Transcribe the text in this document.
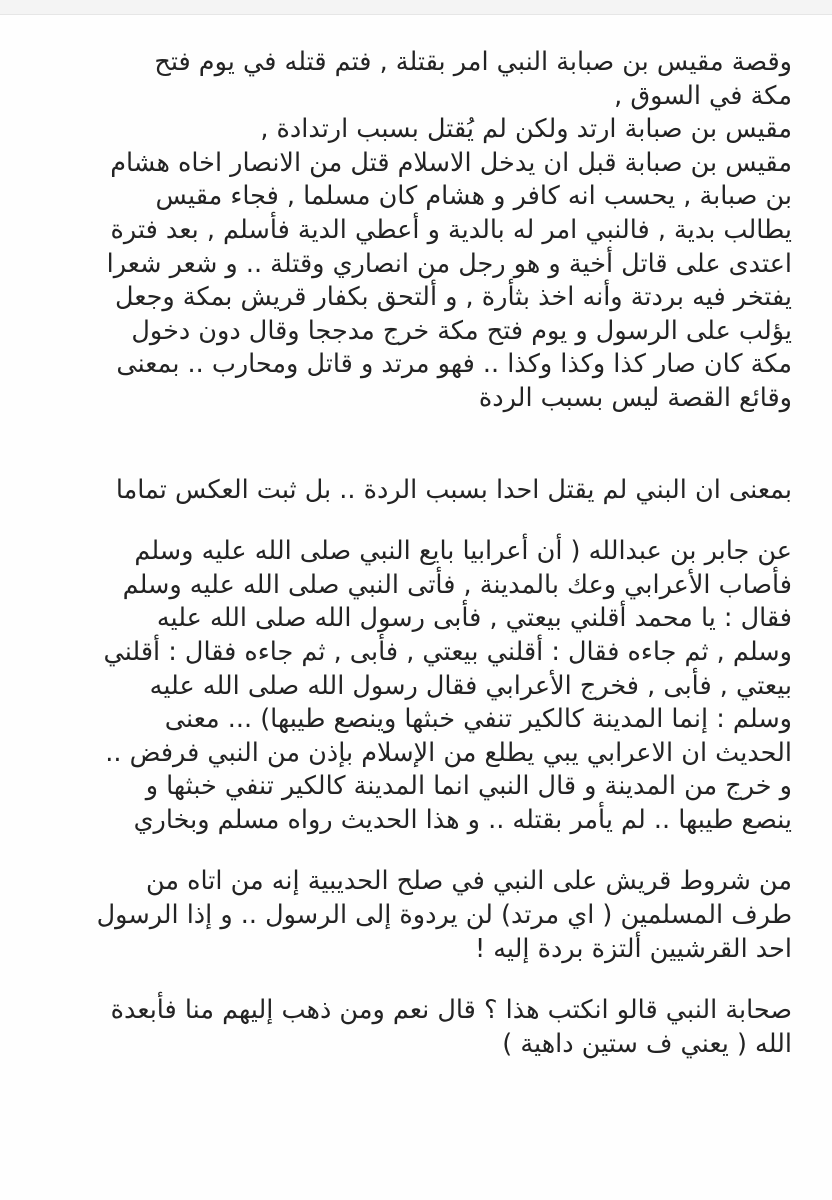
وقصة مقيس بن صبابة النبي امر بقتلة , فتم قتله في يوم فتح
مكة في السوق ,
مقيس بن صبابة ارتد ولكن لم يُقتل بسبب ارتدادة ,
مقيس بن صبابة قبل ان يدخل الاسلام قتل من الانصار اخاه هشام
بن صبابة , يحسب انه كافر و هشام كان مسلما , فجاء مقيس
يطالب بدية , فالنبي امر له بالدية و أعطي الدية فأسلم , بعد فترة
اعتدى على قاتل أخية و هو رجل من انصاري وقتلة .. و شعر شعرا
يفتخر فيه بردتة وأنه اخذ بثأرة , و ألتحق بكفار قريش بمكة وجعل
يؤلب على الرسول و يوم فتح مكة خرج مدججا وقال دون دخول
مكة كان صار كذا وكذا وكذا .. فهو مرتد و قاتل ومحارب .. بمعنى
وقائع القصة ليس بسبب الردة
بمعنى ان البني لم يقتل احدا بسبب الردة .. بل ثبت العكس تماما
عن جابر بن عبدالله ( أن أعرابيا بايع النبي صلى الله عليه وسلم
فأصاب الأعرابي وعك بالمدينة , فأتى النبي صلى الله عليه وسلم
فقال : يا محمد أقلني بيعتي , فأبى رسول الله صلى الله عليه
وسلم , ثم جاءه فقال : أقلني بيعتي , فأبى , ثم جاءه فقال : أقلني
بيعتي , فأبى , فخرج الأعرابي فقال رسول الله صلى الله عليه
وسلم : إنما المدينة كالكير تنفي خبثها وينصع طيبها) ... معنى
الحديث ان الاعرابي يبي يطلع من الإسلام بإذن من النبي فرفض ..
و خرج من المدينة و قال النبي انما المدينة كالكير تنفي خبثها و
ينصع طيبها .. لم يأمر بقتله .. و هذا الحديث رواه مسلم وبخاري
من شروط قريش على النبي في صلح الحديبية إنه من اتاه من
طرف المسلمين ( اي مرتد) لن يردوة إلى الرسول .. و إذا الرسول
احد القرشيين ألتزة بردة إليه !
صحابة النبي قالو انكتب هذا ؟ قال نعم ومن ذهب إليهم منا فأبعدة
الله ( يعني ف ستين داهية )
